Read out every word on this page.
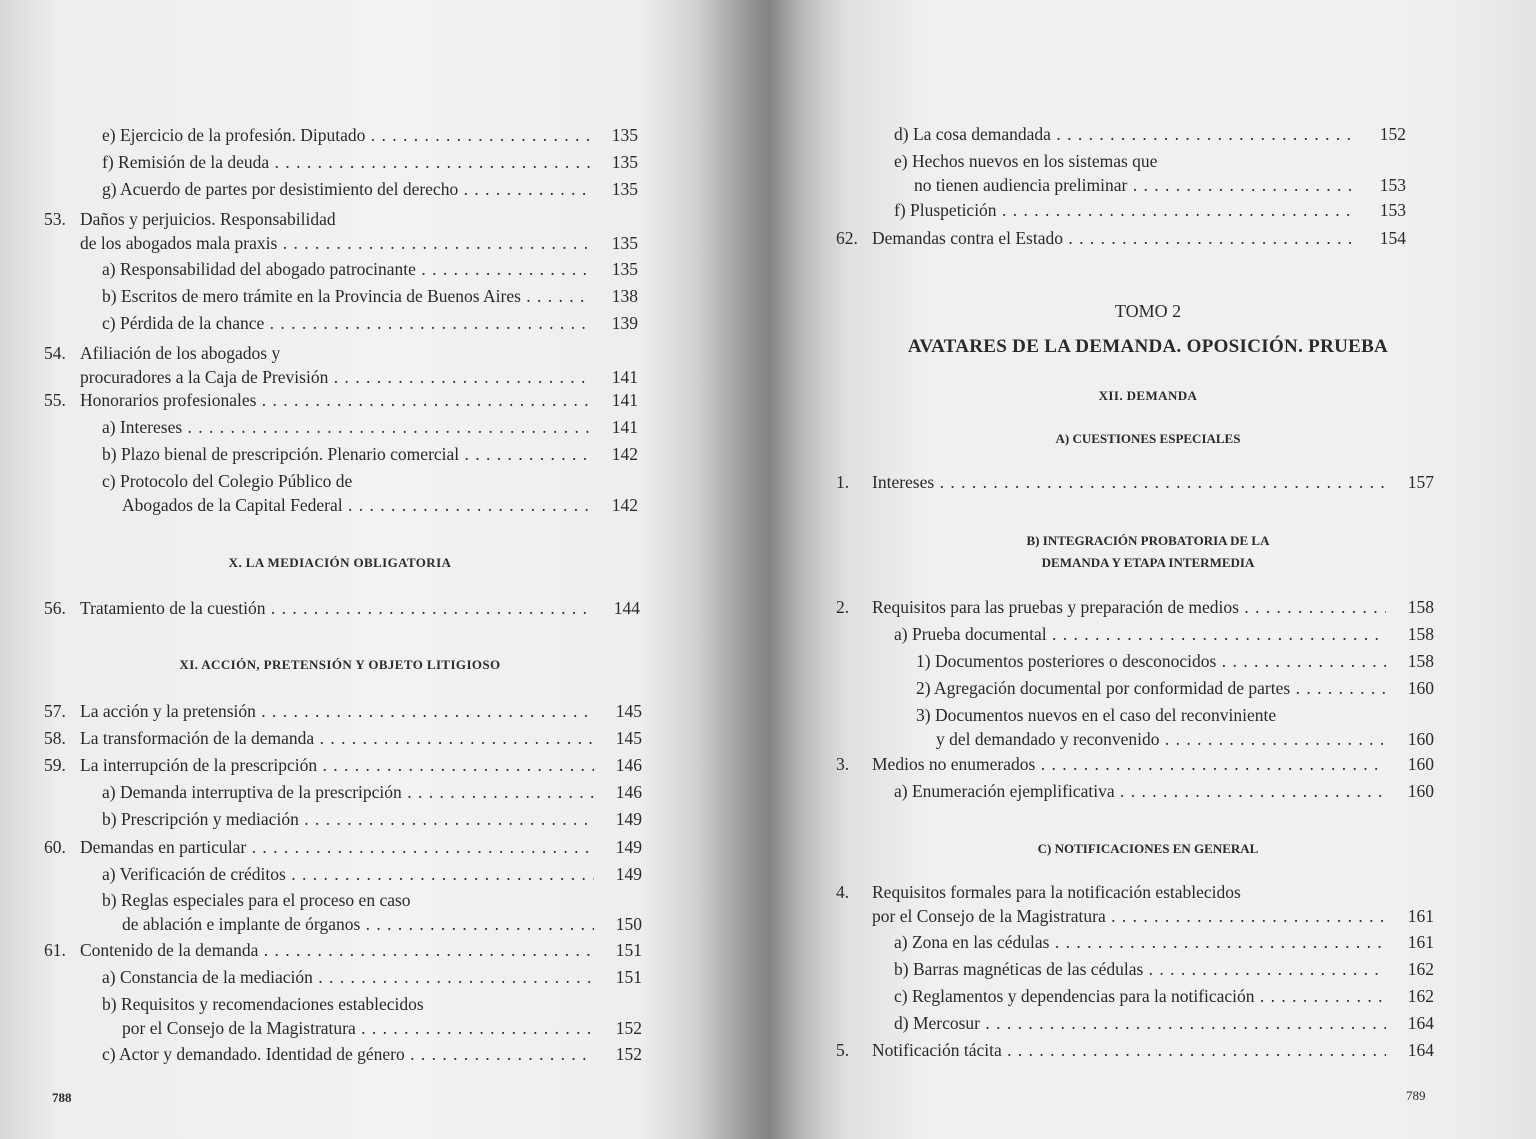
e) Ejercicio de la profesión. Diputado . . .	135
f) Remisión de la deuda . . .	135
g) Acuerdo de partes por desistimiento del derecho . . .	135
53. Daños y perjuicios. Responsabilidad
de los abogados mala praxis . . .	135
a) Responsabilidad del abogado patrocinante . . .	135
b) Escritos de mero trámite en la Provincia de Buenos Aires . . .	138
c) Pérdida de la chance . . .	139
54. Afiliación de los abogados y
procuradores a la Caja de Previsión . . .	141
55. Honorarios profesionales . . .	141
a) Intereses . . .	141
b) Plazo bienal de prescripción. Plenario comercial . . .	142
c) Protocolo del Colegio Público de
Abogados de la Capital Federal . . .	142
X. LA MEDIACIÓN OBLIGATORIA
56. Tratamiento de la cuestión . . .	144
XI. ACCIÓN, PRETENSIÓN Y OBJETO LITIGIOSO
57. La acción y la pretensión . . .	145
58. La transformación de la demanda . . .	145
59. La interrupción de la prescripción . . .	146
a) Demanda interruptiva de la prescripción . . .	146
b) Prescripción y mediación . . .	149
60. Demandas en particular . . .	149
a) Verificación de créditos . . .	149
b) Reglas especiales para el proceso en caso
de ablación e implante de órganos . . .	150
61. Contenido de la demanda . . .	151
a) Constancia de la mediación . . .	151
b) Requisitos y recomendaciones establecidos
por el Consejo de la Magistratura . . .	152
c) Actor y demandado. Identidad de género . . .	152
788
d) La cosa demandada . . .	152
e) Hechos nuevos en los sistemas que
no tienen audiencia preliminar . . .	153
f) Pluspetición . . .	153
62. Demandas contra el Estado . . .	154
TOMO 2
AVATARES DE LA DEMANDA. OPOSICIÓN. PRUEBA
XII. DEMANDA
A) CUESTIONES ESPECIALES
1. Intereses . . .	157
B) INTEGRACIÓN PROBATORIA DE LA
DEMANDA Y ETAPA INTERMEDIA
2. Requisitos para las pruebas y preparación de medios . . .	158
a) Prueba documental . . .	158
1) Documentos posteriores o desconocidos . . .	158
2) Agregación documental por conformidad de partes . . .	160
3) Documentos nuevos en el caso del reconviniente
y del demandado y reconvenido . . .	160
3. Medios no enumerados . . .	160
a) Enumeración ejemplificativa . . .	160
C) NOTIFICACIONES EN GENERAL
4. Requisitos formales para la notificación establecidos
por el Consejo de la Magistratura . . .	161
a) Zona en las cédulas . . .	161
b) Barras magnéticas de las cédulas . . .	162
c) Reglamentos y dependencias para la notificación . . .	162
d) Mercosur . . .	164
5. Notificación tácita . . .	164
789
